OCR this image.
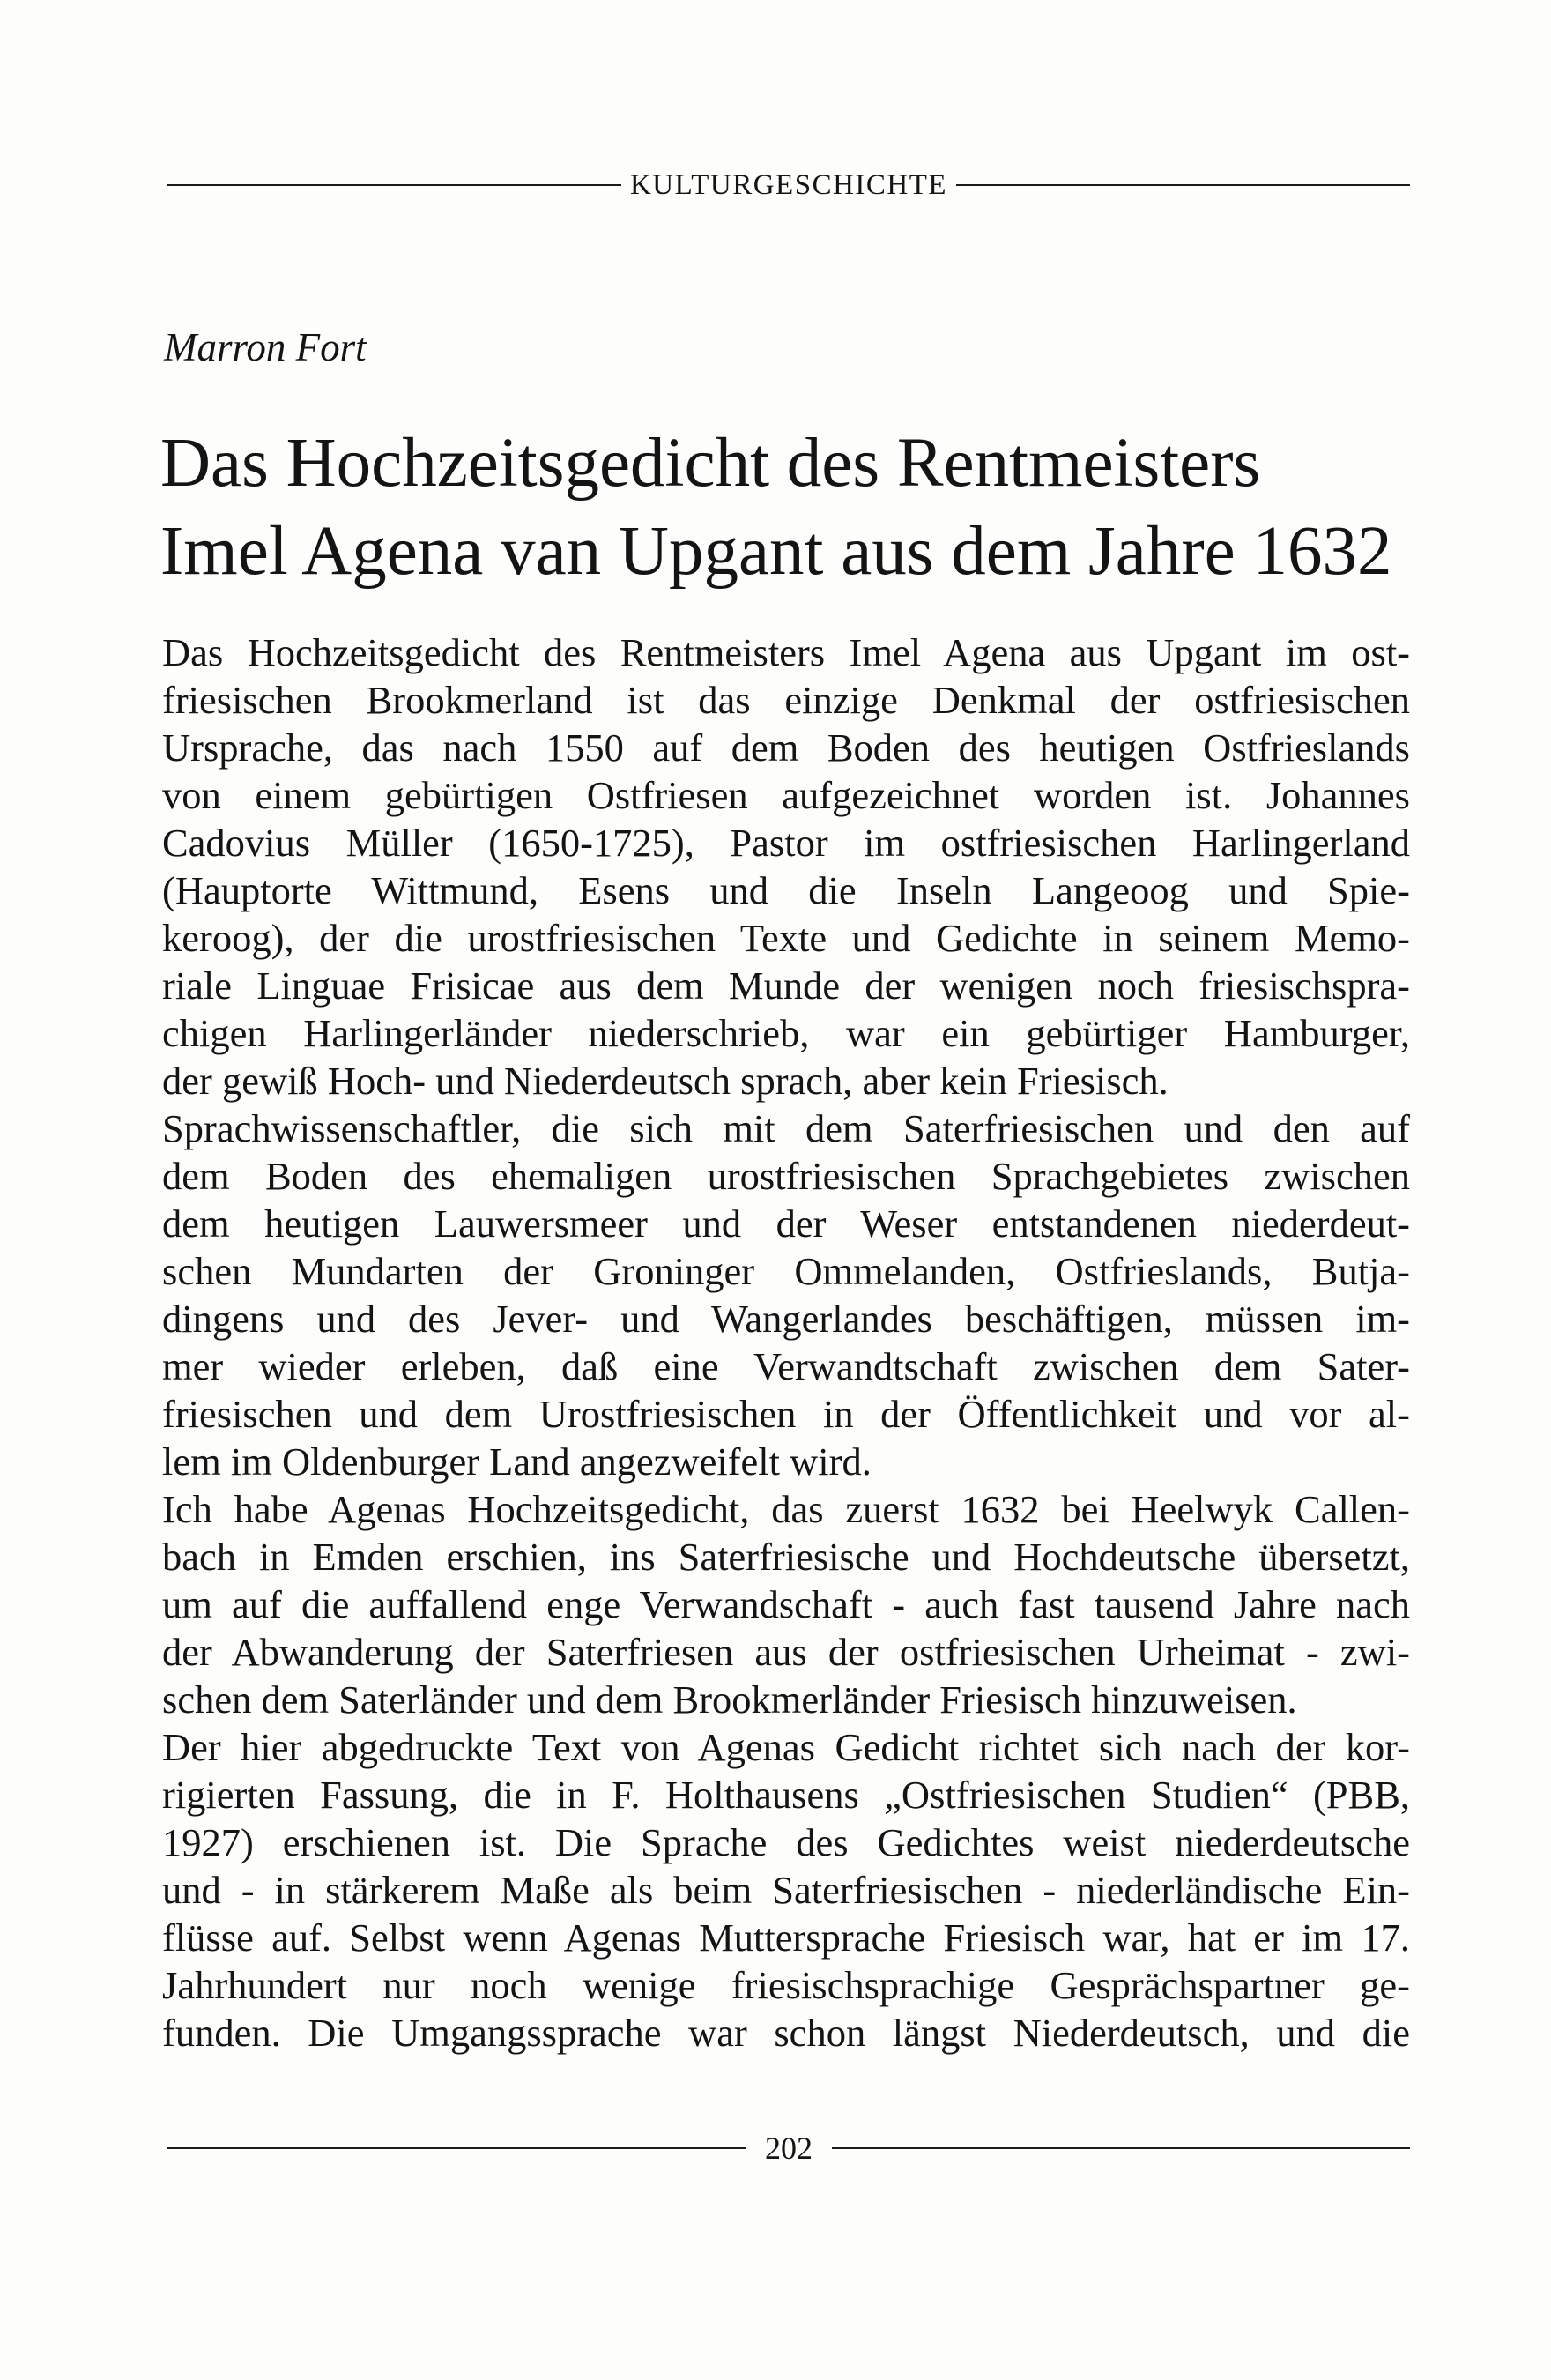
KULTURGESCHICHTE

Marron Fort

Das Hochzeitsgedicht des Rentmeisters
Imel Agena van Upgant aus dem Jahre 1632
Das Hochzeitsgedicht des Rentmeisters Imel Agena aus Upgant im ost-
friesischen Brookmerland ist das einzige Denkmal der ostfriesischen
Ursprache, das nach 1550 auf dem Boden des heutigen Ostfrieslands
von einem gebürtigen Ostfriesen aufgezeichnet worden ist. Johannes
Cadovius Müller (1650-1725), Pastor im ostfriesischen Harlingerland
(Hauptorte Wittmund, Esens und die Inseln Langeoog und Spie-
keroog), der die urostfriesischen Texte und Gedichte in seinem Memo-
riale Linguae Frisicae aus dem Munde der wenigen noch friesischspra-
chigen Harlingerländer niederschrieb, war ein gebürtiger Hamburger,
der gewiß Hoch- und Niederdeutsch sprach, aber kein Friesisch.
Sprachwissenschaftler, die sich mit dem Saterfriesischen und den auf
dem Boden des ehemaligen urostfriesischen Sprachgebietes zwischen
dem heutigen Lauwersmeer und der Weser entstandenen niederdeut-
schen Mundarten der Groninger Ommelanden, Ostfrieslands, Butja-
dingens und des Jever- und Wangerlandes beschäftigen, müssen im-
mer wieder erleben, daß eine Verwandtschaft zwischen dem Sater-
friesischen und dem Urostfriesischen in der Öffentlichkeit und vor al-
lem im Oldenburger Land angezweifelt wird.
Ich habe Agenas Hochzeitsgedicht, das zuerst 1632 bei Heelwyk Callen-
bach in Emden erschien, ins Saterfriesische und Hochdeutsche übersetzt,
um auf die auffallend enge Verwandschaft - auch fast tausend Jahre nach
der Abwanderung der Saterfriesen aus der ostfriesischen Urheimat - zwi-
schen dem Saterländer und dem Brookmerländer Friesisch hinzuweisen.
Der hier abgedruckte Text von Agenas Gedicht richtet sich nach der kor-
rigierten Fassung, die in F. Holthausens „Ostfriesischen Studien“ (PBB,
1927) erschienen ist. Die Sprache des Gedichtes weist niederdeutsche
und - in stärkerem Maße als beim Saterfriesischen - niederländische Ein-
flüsse auf. Selbst wenn Agenas Muttersprache Friesisch war, hat er im 17.
Jahrhundert nur noch wenige friesischsprachige Gesprächspartner ge-
funden. Die Umgangssprache war schon längst Niederdeutsch, und die
202
